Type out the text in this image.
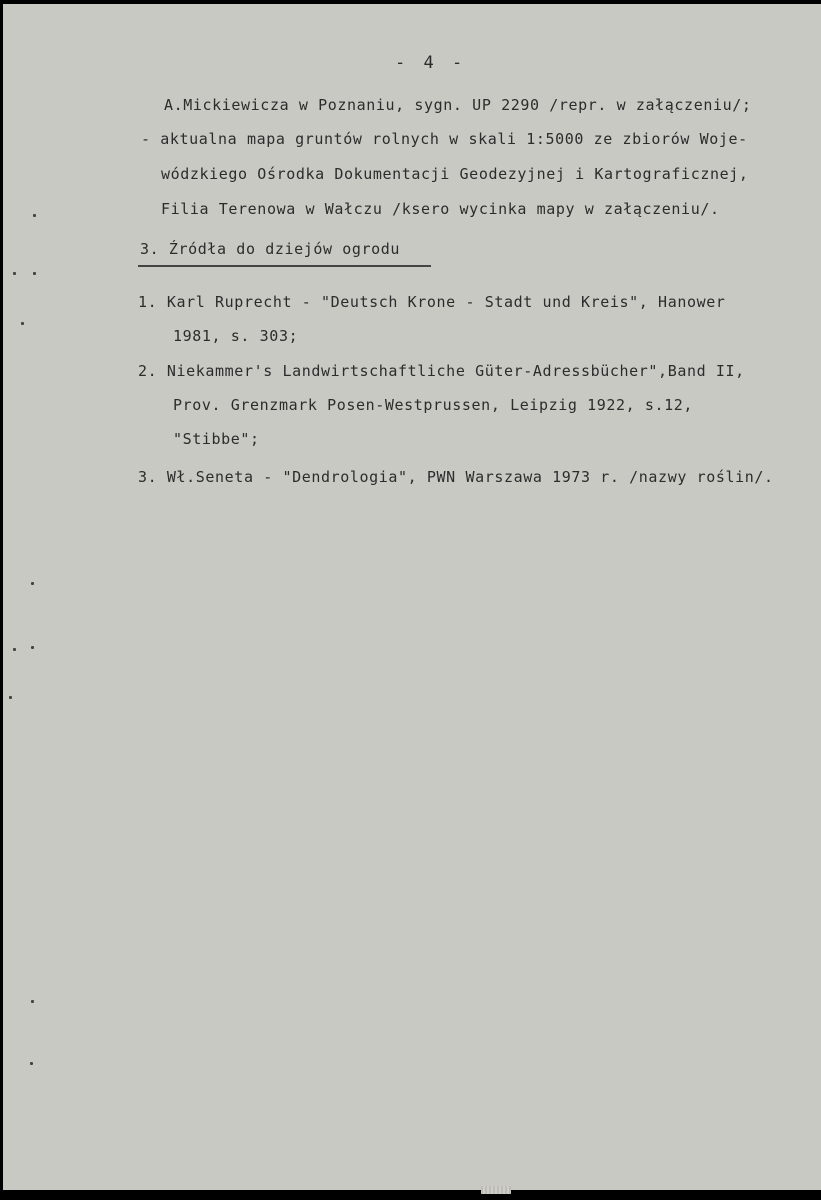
- 4 -
A.Mickiewicza w Poznaniu, sygn. UP 2290 /repr. w załączeniu/;
- aktualna mapa gruntów rolnych w skali 1:5000 ze zbiorów Woje-
wódzkiego Ośrodka Dokumentacji Geodezyjnej i Kartograficznej,
Filia Terenowa w Wałczu /ksero wycinka mapy w załączeniu/.
3. Źródła do dziejów ogrodu
1. Karl Ruprecht - "Deutsch Krone - Stadt und Kreis", Hanower
1981, s. 303;
2. Niekammer's Landwirtschaftliche Güter-Adressbücher",Band II,
Prov. Grenzmark Posen-Westprussen, Leipzig 1922, s.12,
"Stibbe";
3. Wł.Seneta - "Dendrologia", PWN Warszawa 1973 r. /nazwy roślin/.
